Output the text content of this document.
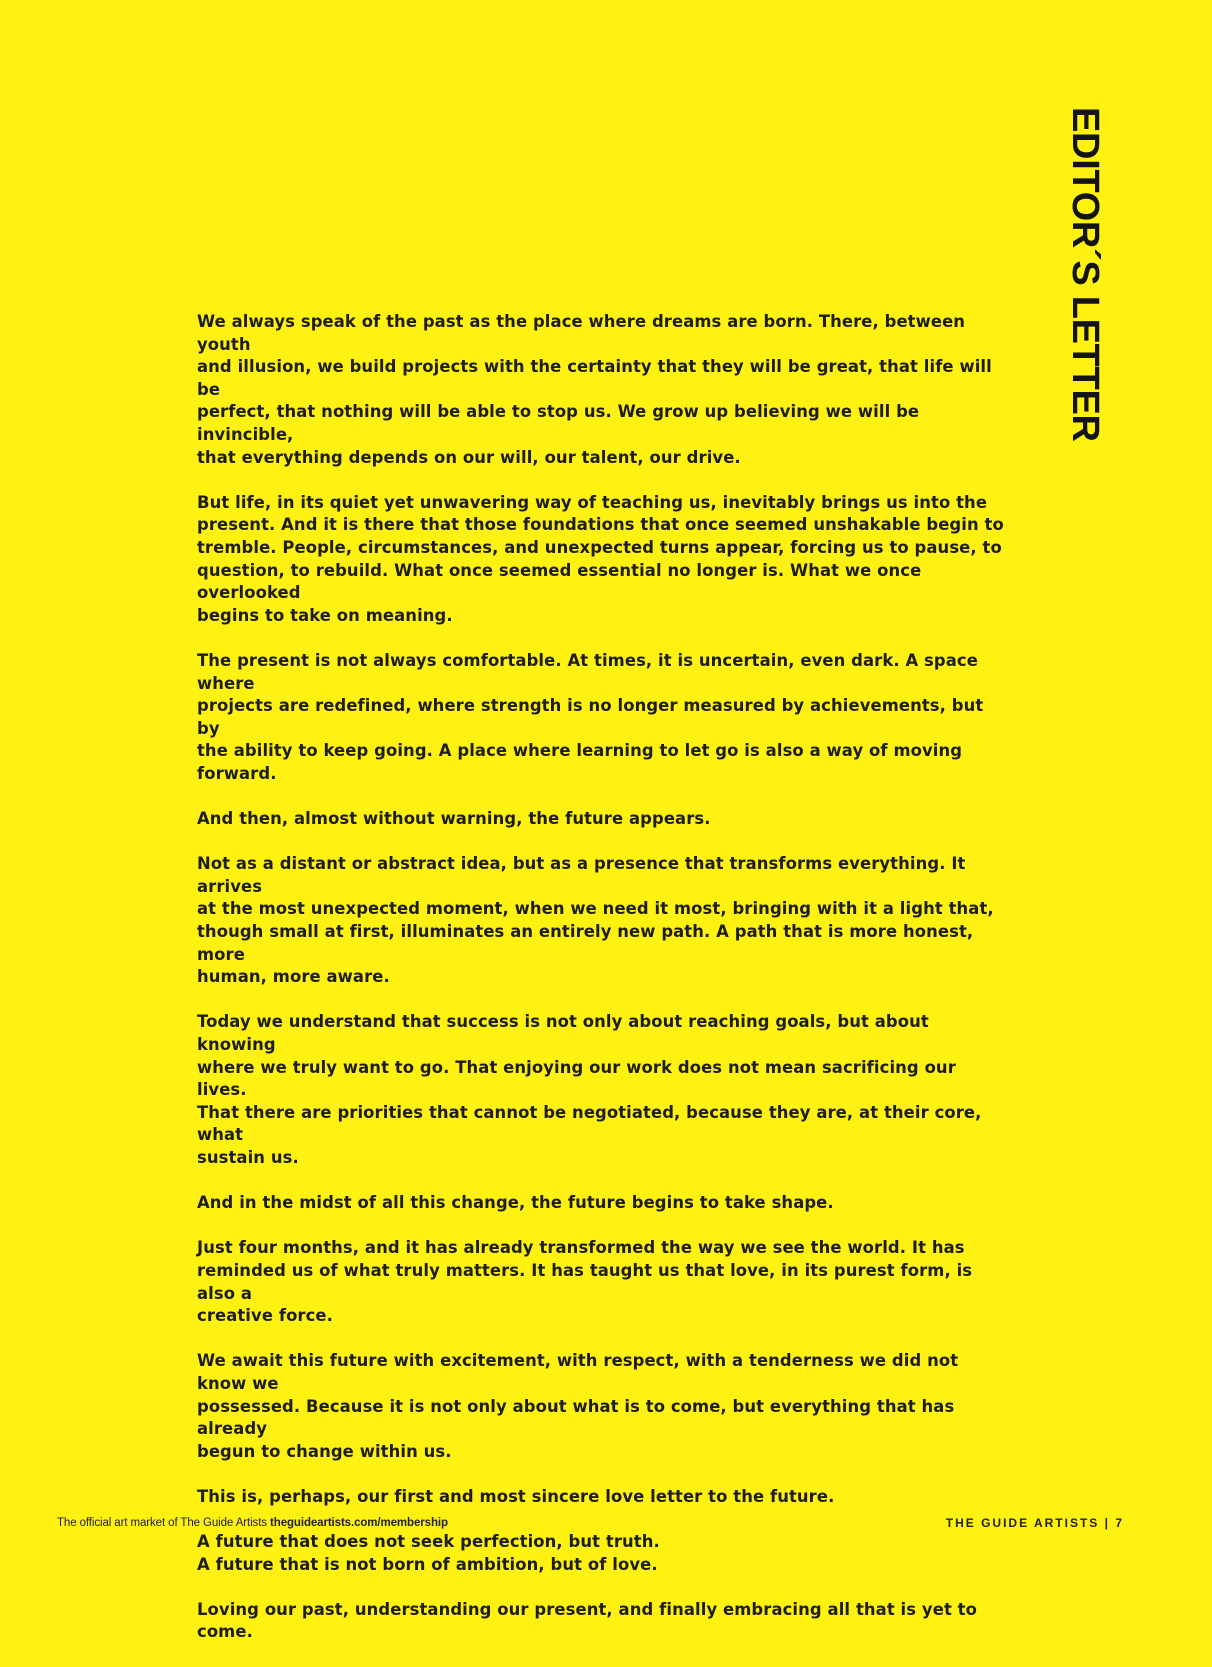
EDITOR´S LETTER

We always speak of the past as the place where dreams are born. There, between youth
and illusion, we build projects with the certainty that they will be great, that life will be
perfect, that nothing will be able to stop us. We grow up believing we will be invincible,
that everything depends on our will, our talent, our drive.

But life, in its quiet yet unwavering way of teaching us, inevitably brings us into the
present. And it is there that those foundations that once seemed unshakable begin to
tremble. People, circumstances, and unexpected turns appear, forcing us to pause, to
question, to rebuild. What once seemed essential no longer is. What we once overlooked
begins to take on meaning.

The present is not always comfortable. At times, it is uncertain, even dark. A space where
projects are redefined, where strength is no longer measured by achievements, but by
the ability to keep going. A place where learning to let go is also a way of moving forward.

And then, almost without warning, the future appears.

Not as a distant or abstract idea, but as a presence that transforms everything. It arrives
at the most unexpected moment, when we need it most, bringing with it a light that,
though small at first, illuminates an entirely new path. A path that is more honest, more
human, more aware.

Today we understand that success is not only about reaching goals, but about knowing
where we truly want to go. That enjoying our work does not mean sacrificing our lives.
That there are priorities that cannot be negotiated, because they are, at their core, what
sustain us.

And in the midst of all this change, the future begins to take shape.

Just four months, and it has already transformed the way we see the world. It has
reminded us of what truly matters. It has taught us that love, in its purest form, is also a
creative force.

We await this future with excitement, with respect, with a tenderness we did not know we
possessed. Because it is not only about what is to come, but everything that has already
begun to change within us.

This is, perhaps, our first and most sincere love letter to the future.

A future that does not seek perfection, but truth.
A future that is not born of ambition, but of love.

Loving our past, understanding our present, and finally embracing all that is yet to come.

The official art market of The Guide Artists theguideartists.com/membership	THE GUIDE ARTISTS | 7
